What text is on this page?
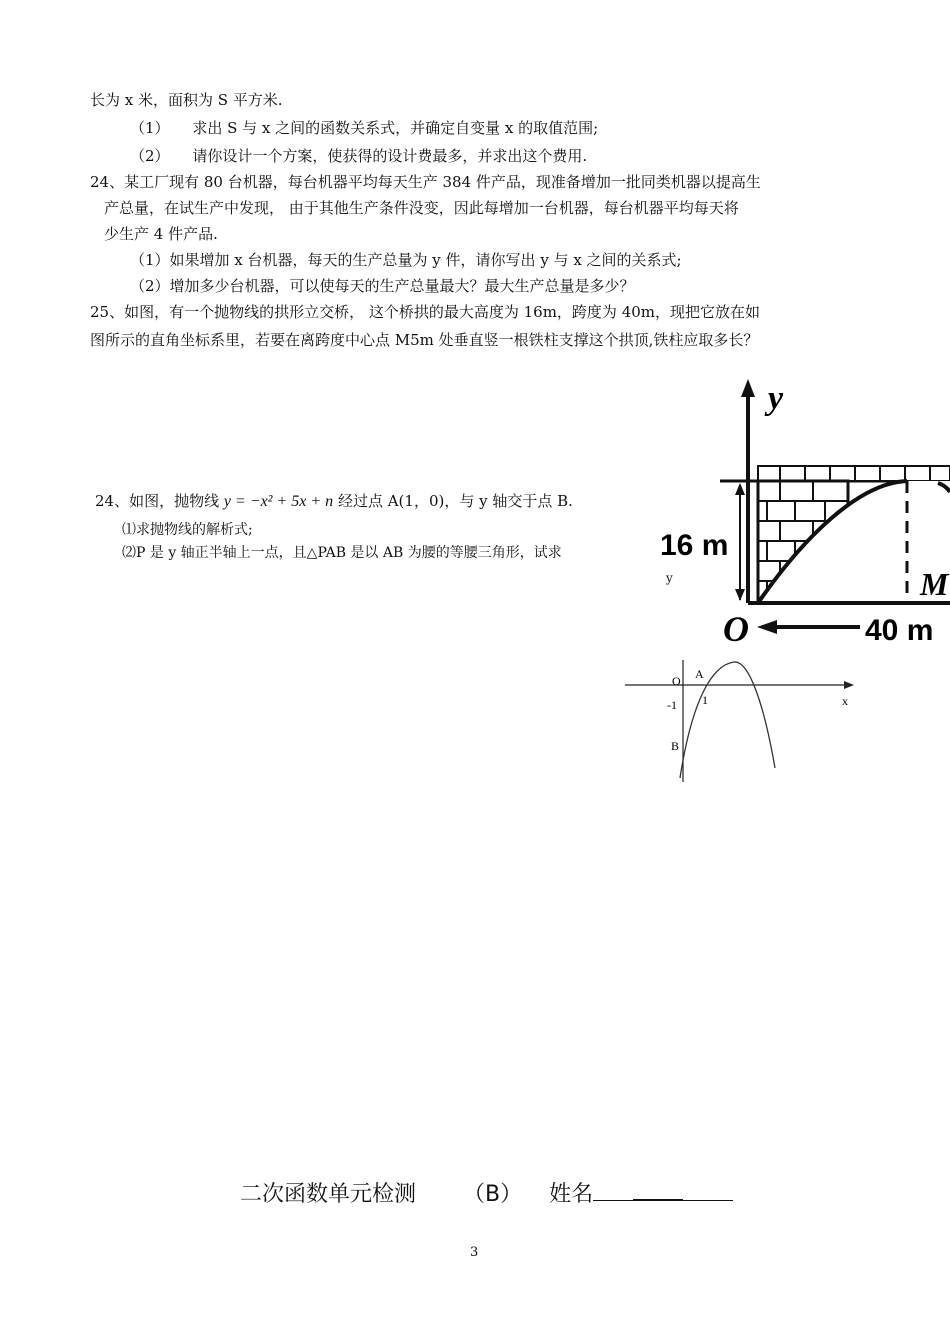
长为 x 米，面积为 S 平方米.
（1） 求出 S 与 x 之间的函数关系式，并确定自变量 x 的取值范围;
（2） 请你设计一个方案，使获得的设计费最多，并求出这个费用.
24、某工厂现有 80 台机器，每台机器平均每天生产 384 件产品，现准备增加一批同类机器以提高生
产总量，在试生产中发现， 由于其他生产条件没变，因此每增加一台机器，每台机器平均每天将
少生产 4 件产品.
（1）如果增加 x 台机器，每天的生产总量为 y 件，请你写出 y 与 x 之间的关系式;
（2）增加多少台机器，可以使每天的生产总量最大？最大生产总量是多少？
25、如图，有一个抛物线的拱形立交桥， 这个桥拱的最大高度为 16m，跨度为 40m，现把它放在如
图所示的直角坐标系里，若要在离跨度中心点 M5m 处垂直竖一根铁柱支撑这个拱顶,铁柱应取多长？
24、如图，抛物线 y = −x² + 5x + n 经过点 A(1，0)，与 y 轴交于点 B.
⑴求抛物线的解析式;
⑵P 是 y 轴正半轴上一点，且△PAB 是以 AB 为腰的等腰三角形，试求
y
16 m
M
O	40 m
y
x
O A
1
-1
B
二次函数单元检测 （B） 姓名
3
